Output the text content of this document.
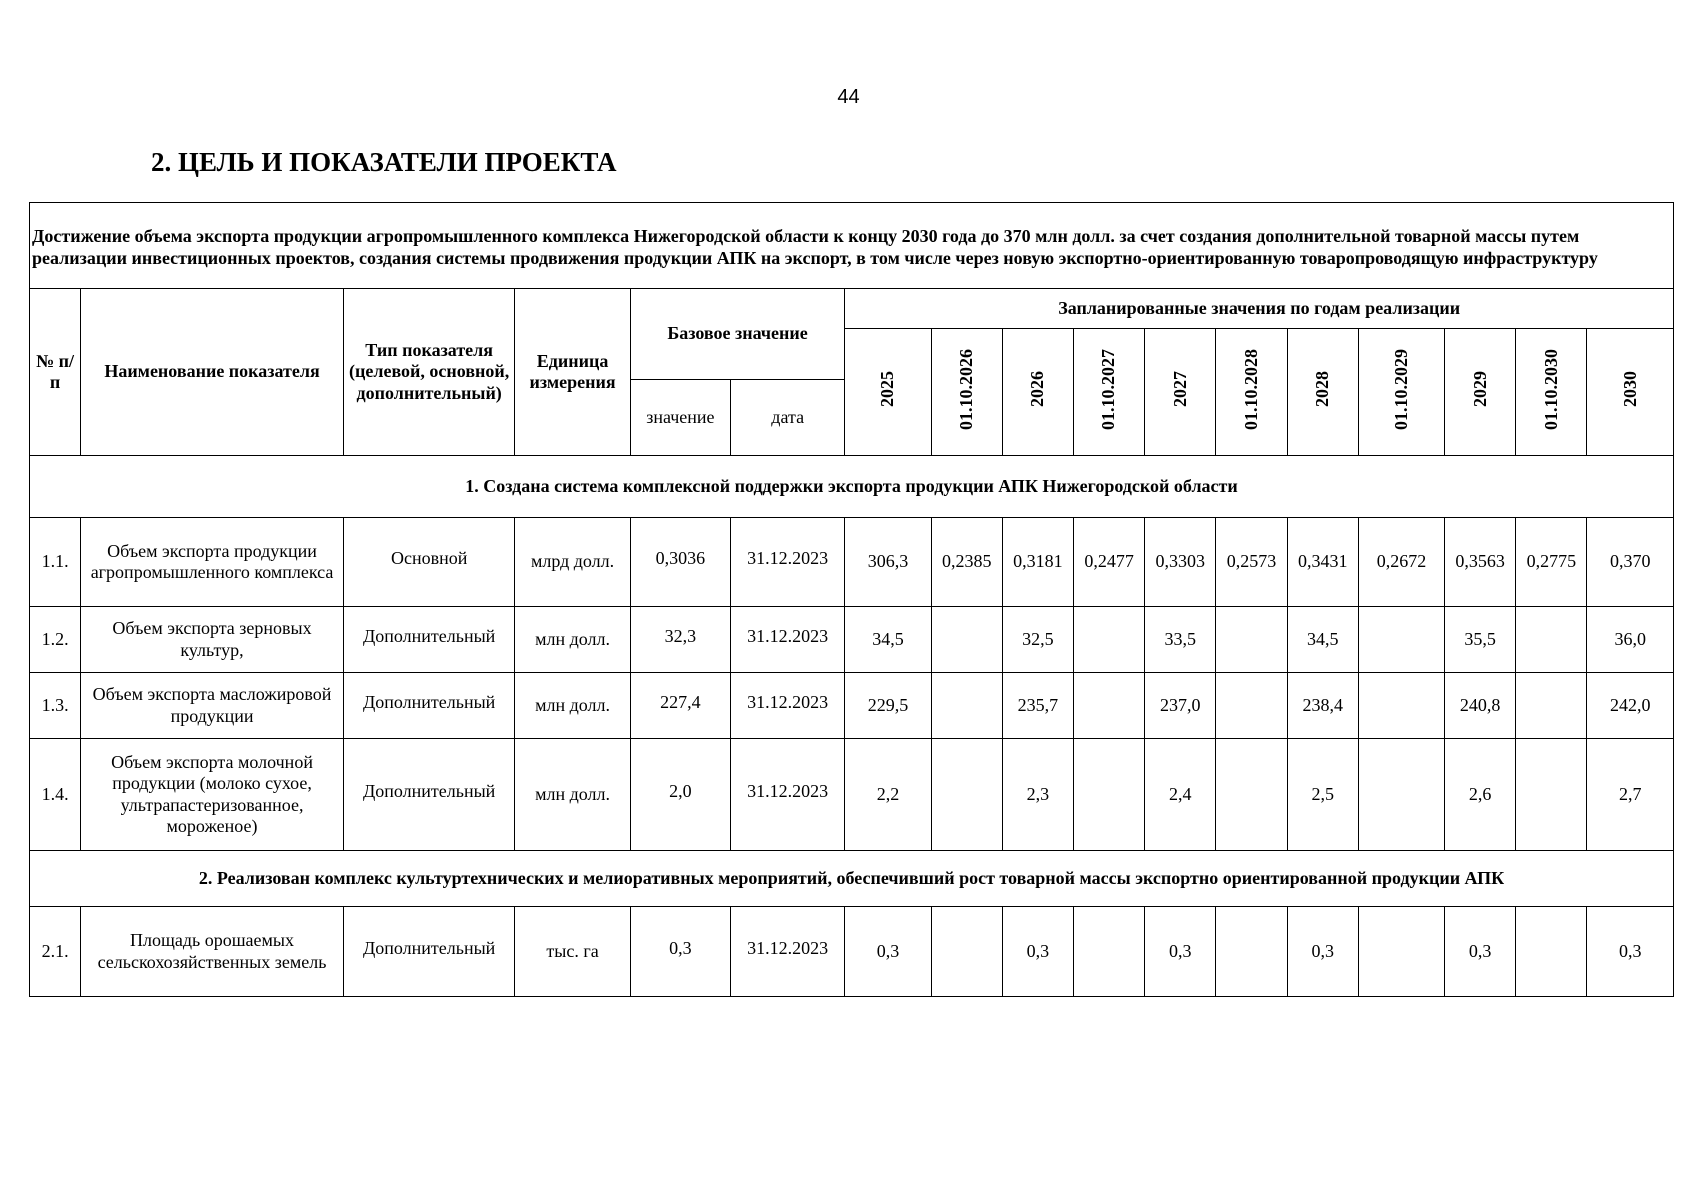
44
2. ЦЕЛЬ И ПОКАЗАТЕЛИ ПРОЕКТА
Достижение объема экспорта продукции агропромышленного комплекса Нижегородской области к концу 2030 года до 370 млн долл. за счет создания дополнительной товарной массы путем реализации инвестиционных проектов, создания системы продвижения продукции АПК на экспорт, в том числе через новую экспортно-ориентированную товаропроводящую инфраструктуру																
№ п/п	Наименование показателя	Тип показателя (целевой, основной, дополнительный)	Единица измерения	Базовое значение		Запланированные значения по годам реализации										
						2025	01.10.2026	2026	01.10.2027	2027	01.10.2028	2028	01.10.2029	2029	01.10.2030	2030
				значение	дата											
1. Создана система комплексной поддержки экспорта продукции АПК Нижегородской области																
1.1.	Объем экспорта продукции агропромышленного комплекса	Основной	млрд долл.	0,3036	31.12.2023	306,3	0,2385	0,3181	0,2477	0,3303	0,2573	0,3431	0,2672	0,3563	0,2775	0,370
1.2.	Объем экспорта зерновых культур,	Дополнительный	млн долл.	32,3	31.12.2023	34,5		32,5		33,5		34,5		35,5		36,0
1.3.	Объем экспорта масложировой продукции	Дополнительный	млн долл.	227,4	31.12.2023	229,5		235,7		237,0		238,4		240,8		242,0
1.4.	Объем экспорта молочной продукции (молоко сухое, ультрапастеризованное, мороженое)	Дополнительный	млн долл.	2,0	31.12.2023	2,2		2,3		2,4		2,5		2,6		2,7
2. Реализован комплекс культуртехнических и мелиоративных мероприятий, обеспечивший рост товарной массы экспортно ориентированной продукции АПК																
2.1.	Площадь орошаемых сельскохозяйственных земель	Дополнительный	тыс. га	0,3	31.12.2023	0,3		0,3		0,3		0,3		0,3		0,3
